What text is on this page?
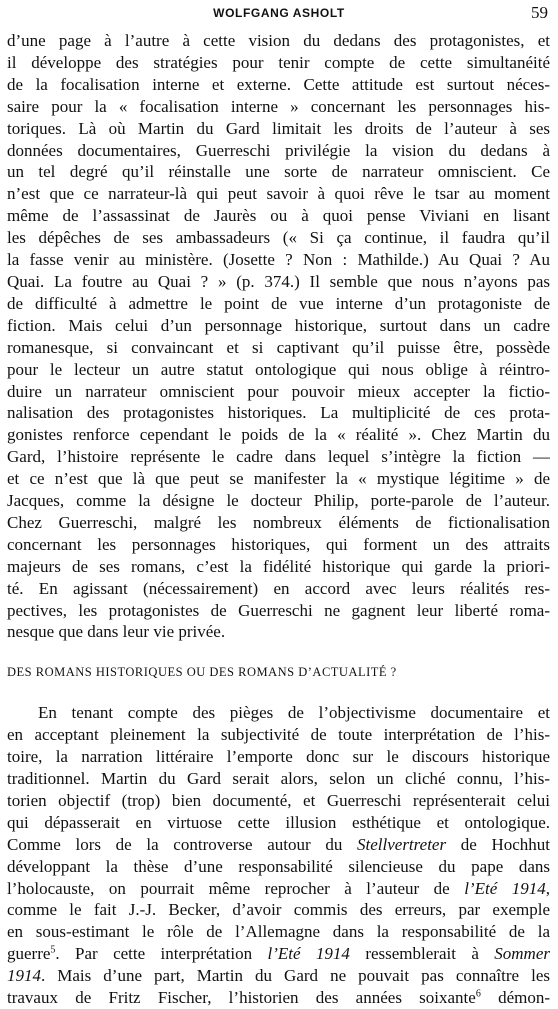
WOLFGANG ASHOLT	59
d’une page à l’autre à cette vision du dedans des protagonistes, et
il développe des stratégies pour tenir compte de cette simultanéité
de la focalisation interne et externe. Cette attitude est surtout néces-
saire pour la « focalisation interne » concernant les personnages his-
toriques. Là où Martin du Gard limitait les droits de l’auteur à ses
données documentaires, Guerreschi privilégie la vision du dedans à
un tel degré qu’il réinstalle une sorte de narrateur omniscient. Ce
n’est que ce narrateur-là qui peut savoir à quoi rêve le tsar au moment
même de l’assassinat de Jaurès ou à quoi pense Viviani en lisant
les dépêches de ses ambassadeurs (« Si ça continue, il faudra qu’il
la fasse venir au ministère. (Josette ? Non : Mathilde.) Au Quai ? Au
Quai. La foutre au Quai ? » (p. 374.) Il semble que nous n’ayons pas
de difficulté à admettre le point de vue interne d’un protagoniste de
fiction. Mais celui d’un personnage historique, surtout dans un cadre
romanesque, si convaincant et si captivant qu’il puisse être, possède
pour le lecteur un autre statut ontologique qui nous oblige à réintro-
duire un narrateur omniscient pour pouvoir mieux accepter la fictio-
nalisation des protagonistes historiques. La multiplicité de ces prota-
gonistes renforce cependant le poids de la « réalité ». Chez Martin du
Gard, l’histoire représente le cadre dans lequel s’intègre la fiction —
et ce n’est que là que peut se manifester la « mystique légitime » de
Jacques, comme la désigne le docteur Philip, porte-parole de l’auteur.
Chez Guerreschi, malgré les nombreux éléments de fictionalisation
concernant les personnages historiques, qui forment un des attraits
majeurs de ses romans, c’est la fidélité historique qui garde la priori-
té. En agissant (nécessairement) en accord avec leurs réalités res-
pectives, les protagonistes de Guerreschi ne gagnent leur liberté roma-
nesque que dans leur vie privée.
DES ROMANS HISTORIQUES OU DES ROMANS D’ACTUALITÉ ?
En tenant compte des pièges de l’objectivisme documentaire et
en acceptant pleinement la subjectivité de toute interprétation de l’his-
toire, la narration littéraire l’emporte donc sur le discours historique
traditionnel. Martin du Gard serait alors, selon un cliché connu, l’his-
torien objectif (trop) bien documenté, et Guerreschi représenterait celui
qui dépasserait en virtuose cette illusion esthétique et ontologique.
Comme lors de la controverse autour du Stellvertreter de Hochhut
développant la thèse d’une responsabilité silencieuse du pape dans
l’holocauste, on pourrait même reprocher à l’auteur de l’Eté 1914,
comme le fait J.-J. Becker, d’avoir commis des erreurs, par exemple
en sous-estimant le rôle de l’Allemagne dans la responsabilité de la
guerre$^5$. Par cette interprétation l’Eté 1914 ressemblerait à Sommer
1914. Mais d’une part, Martin du Gard ne pouvait pas connaître les
travaux de Fritz Fischer, l’historien des années soixante$^6$ démon-
